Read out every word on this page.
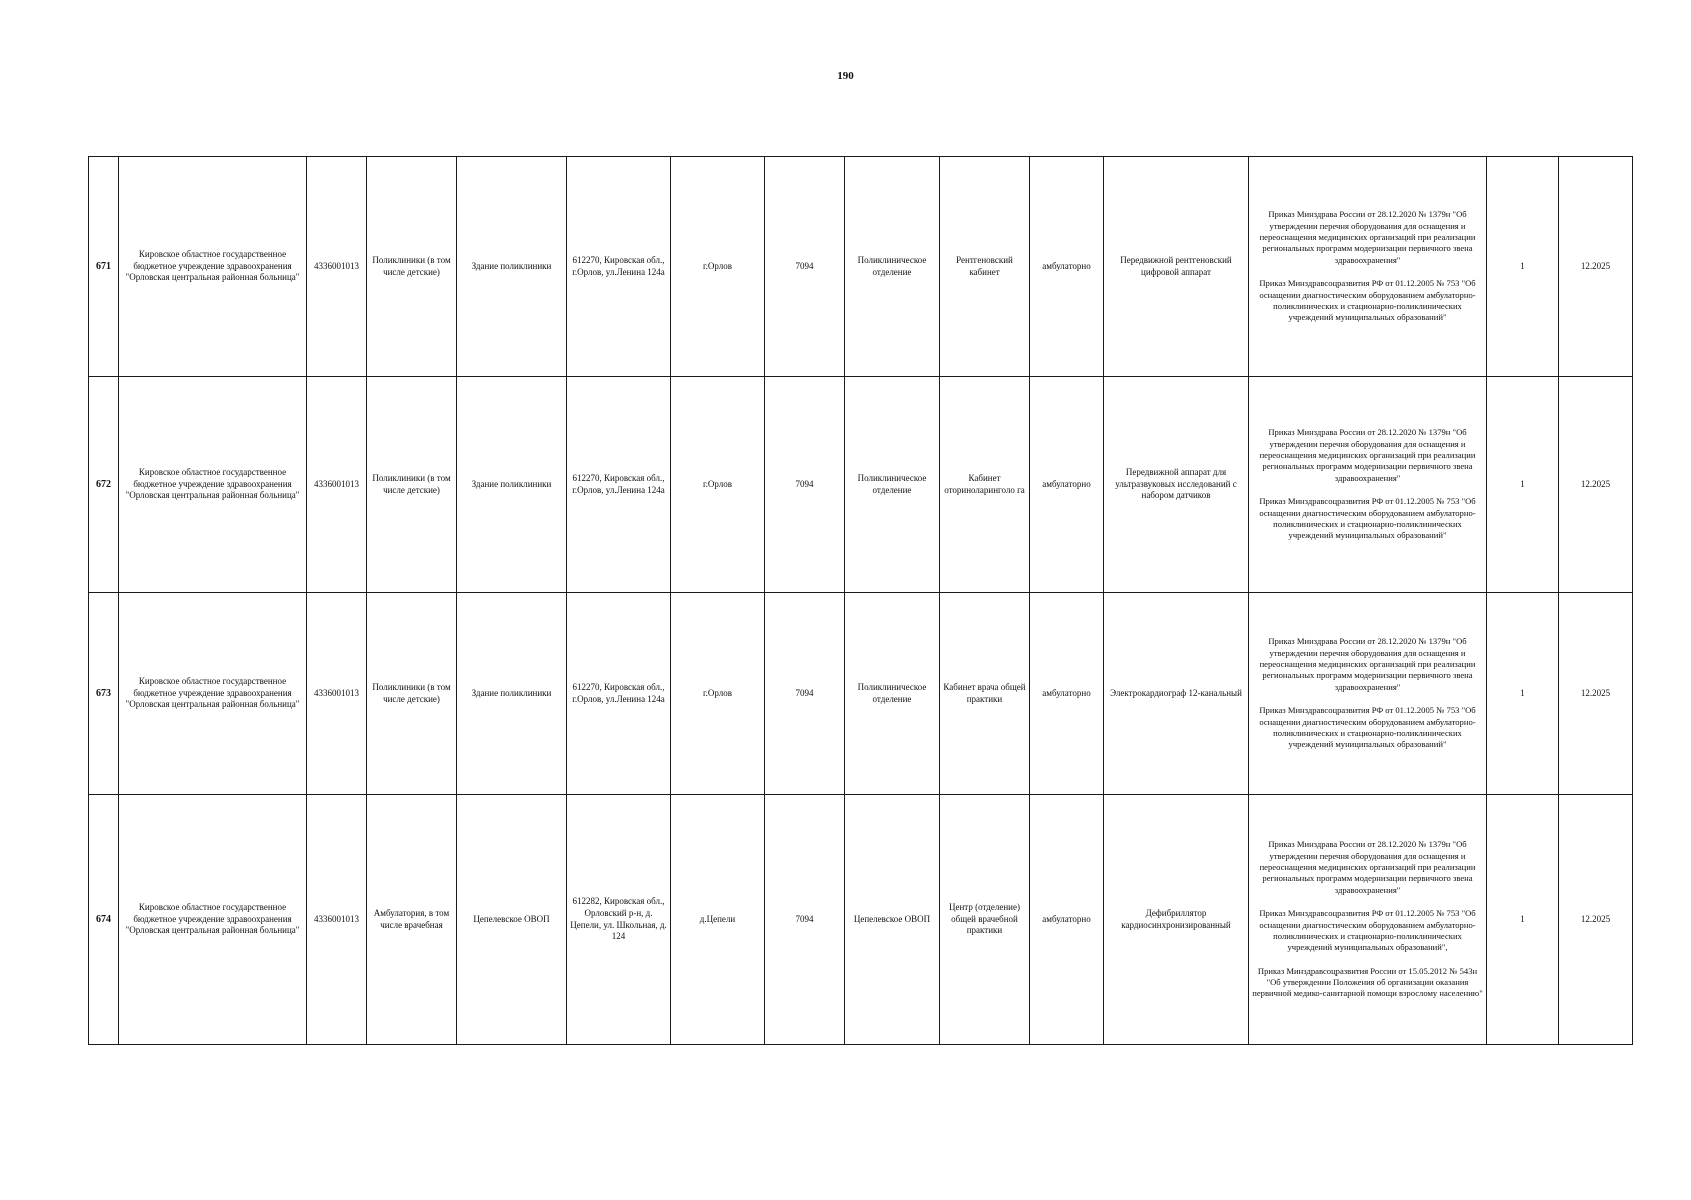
190
671	Кировское областное государственное бюджетное учреждение здравоохранения "Орловская центральная районная больница"	4336001013	Поликлиники (в том числе детские)	Здание поликлиники	612270, Кировская обл., г.Орлов, ул.Ленина 124а	г.Орлов	7094	Поликлиническое отделение	Рентгеновский кабинет	амбулаторно	Передвижной рентгеновский цифровой аппарат	Приказ Минздрава России от 28.12.2020 № 1379н "Об утверждении перечня оборудования для оснащения и переоснащения медицинских организаций при реализации региональных программ модернизации первичного звена здравоохранения"
Приказ Минздравсоцразвития РФ от 01.12.2005 № 753 "Об оснащении диагностическим оборудованием амбулаторно-поликлинических и стационарно-поликлинических учреждений муниципальных образований"	1	12.2025
672	Кировское областное государственное бюджетное учреждение здравоохранения "Орловская центральная районная больница"	4336001013	Поликлиники (в том числе детские)	Здание поликлиники	612270, Кировская обл., г.Орлов, ул.Ленина 124а	г.Орлов	7094	Поликлиническое отделение	Кабинет оториноларинголо га	амбулаторно	Передвижной аппарат для ультразвуковых исследований с набором датчиков	Приказ Минздрава России от 28.12.2020 № 1379н "Об утверждении перечня оборудования для оснащения и переоснащения медицинских организаций при реализации региональных программ модернизации первичного звена здравоохранения"
Приказ Минздравсоцразвития РФ от 01.12.2005 № 753 "Об оснащении диагностическим оборудованием амбулаторно-поликлинических и стационарно-поликлинических учреждений муниципальных образований"	1	12.2025
673	Кировское областное государственное бюджетное учреждение здравоохранения "Орловская центральная районная больница"	4336001013	Поликлиники (в том числе детские)	Здание поликлиники	612270, Кировская обл., г.Орлов, ул.Ленина 124а	г.Орлов	7094	Поликлиническое отделение	Кабинет врача общей практики	амбулаторно	Электрокардиограф 12-канальный	Приказ Минздрава России от 28.12.2020 № 1379н "Об утверждении перечня оборудования для оснащения и переоснащения медицинских организаций при реализации региональных программ модернизации первичного звена здравоохранения"
Приказ Минздравсоцразвития РФ от 01.12.2005 № 753 "Об оснащении диагностическим оборудованием амбулаторно-поликлинических и стационарно-поликлинических учреждений муниципальных образований"	1	12.2025
674	Кировское областное государственное бюджетное учреждение здравоохранения "Орловская центральная районная больница"	4336001013	Амбулатория, в том числе врачебная	Цепелевское ОВОП	612282, Кировская обл., Орловский р-н, д. Цепели, ул. Школьная, д. 124	д.Цепели	7094	Цепелевское ОВОП	Центр (отделение) общей врачебной практики	амбулаторно	Дефибриллятор кардиосинхронизированный	Приказ Минздрава России от 28.12.2020 № 1379н "Об утверждении перечня оборудования для оснащения и переоснащения медицинских организаций при реализации региональных программ модернизации первичного звена здравоохранения"
Приказ Минздравсоцразвития РФ от 01.12.2005 № 753 "Об оснащении диагностическим оборудованием амбулаторно-поликлинических и стационарно-поликлинических учреждений муниципальных образований",
Приказ Минздравсоцразвития России от 15.05.2012 № 543н "Об утверждении Положения об организации оказания первичной медико-санитарной помощи взрослому населению"	1	12.2025
